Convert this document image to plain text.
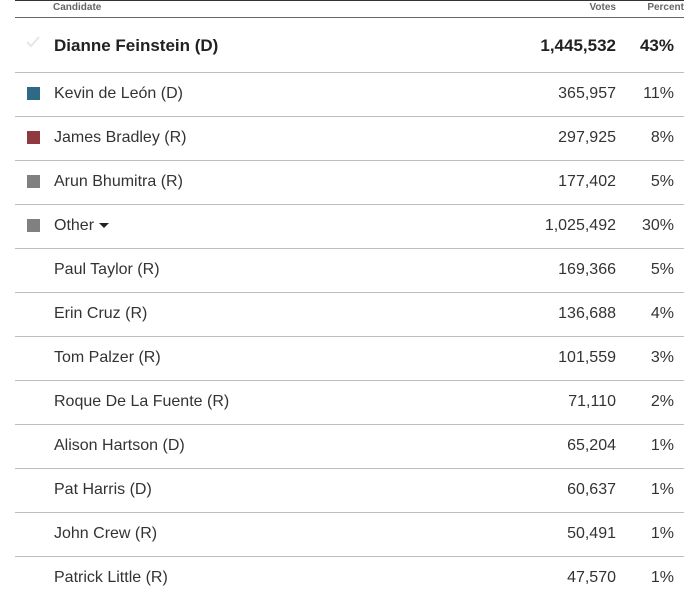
Candidate	Votes	Percent
Dianne Feinstein (D)	1,445,532 43%
Kevin de León (D)	365,957 11%
James Bradley (R)	297,925 8%
Arun Bhumitra (R)	177,402 5%
Other	1,025,492 30%
Paul Taylor (R)	169,366 5%
Erin Cruz (R)	136,688 4%
Tom Palzer (R)	101,559 3%
Roque De La Fuente (R)	71,110 2%
Alison Hartson (D)	65,204 1%
Pat Harris (D)	60,637 1%
John Crew (R)	50,491 1%
Patrick Little (R)	47,570 1%
